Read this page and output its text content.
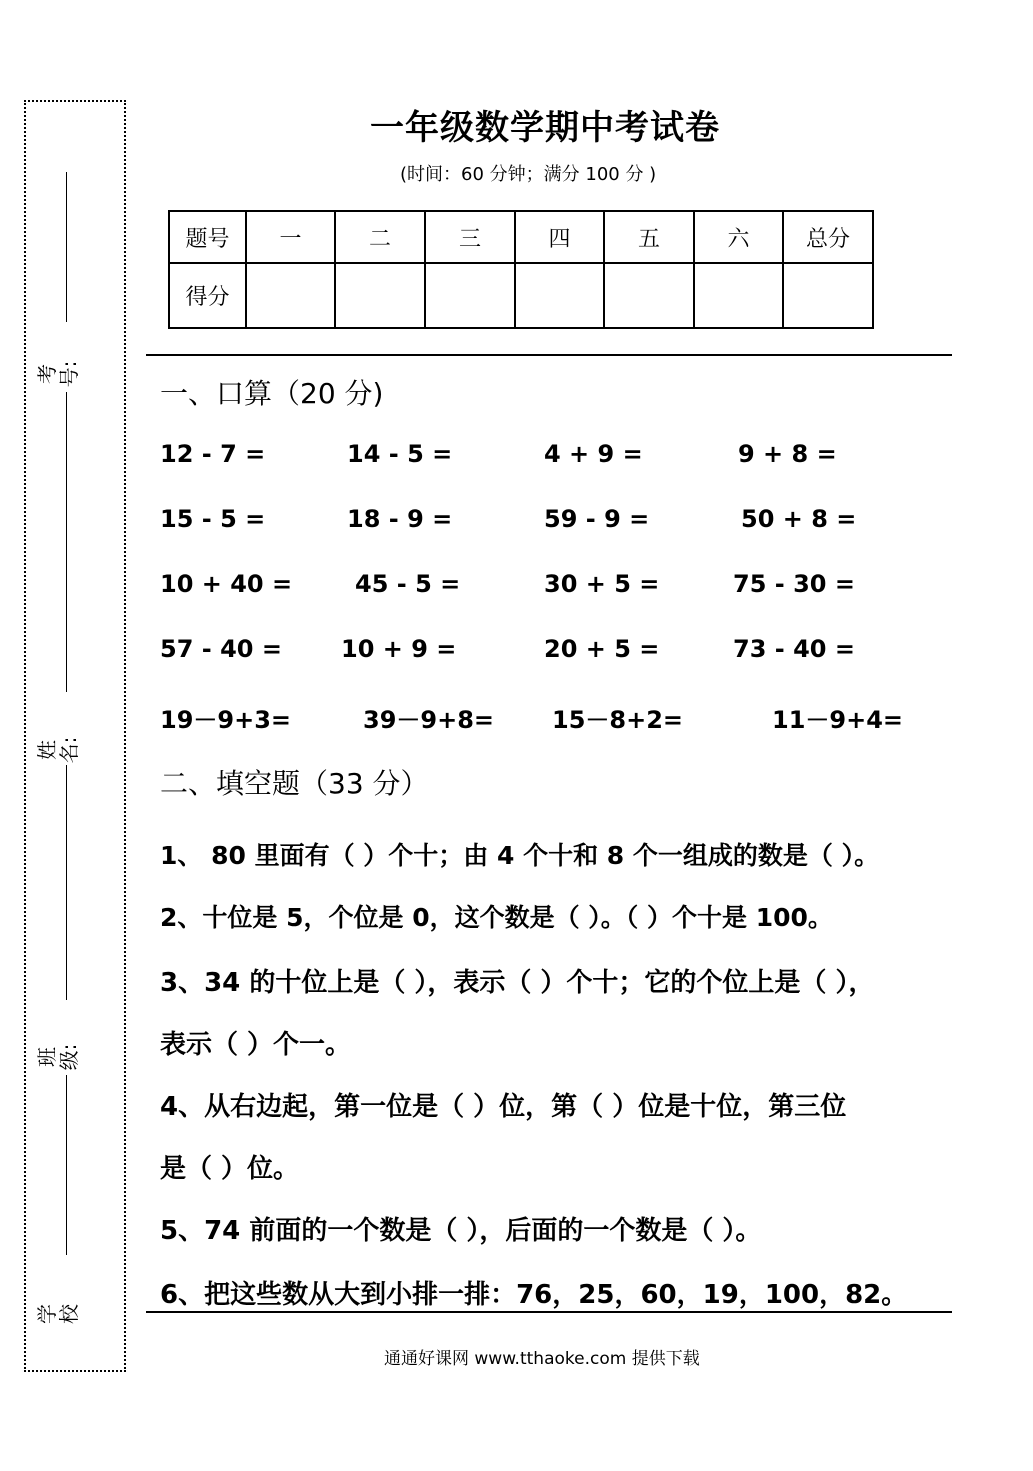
考号:
姓名:
班级:
学校
一年级数学期中考试卷
(时间：60 分钟；满分 100 分 )
题号	一	二	三	四	五	六	总分
得分							
一、口算（20 分)
12 - 7 =	14 - 5 =	4 + 9 =	9 + 8 =
15 - 5 =	18 - 9 =	59 - 9 =	50 + 8 =
10 + 40 =	45 - 5 =	30 + 5 =	75 - 30 =
57 - 40 = 10 + 9 =	20 + 5 =	73 - 40 =
19－9+3=	39－9+8= 15－8+2=	11－9+4=
二、填空题（33 分）
1、 80 里面有（ ）个十；由 4 个十和 8 个一组成的数是（ ）。
2、十位是 5，个位是 0，这个数是（ ）。（ ）个十是 100。
3、34 的十位上是（ ），表示（ ）个十；它的个位上是（ ），
表示（ ）个一。
4、从右边起，第一位是（ ）位，第（ ）位是十位，第三位
是（ ）位。
5、74 前面的一个数是（ ），后面的一个数是（ ）。
6、把这些数从大到小排一排：76，25，60，19，100，82。
通通好课网 www.tthaoke.com 提供下载
